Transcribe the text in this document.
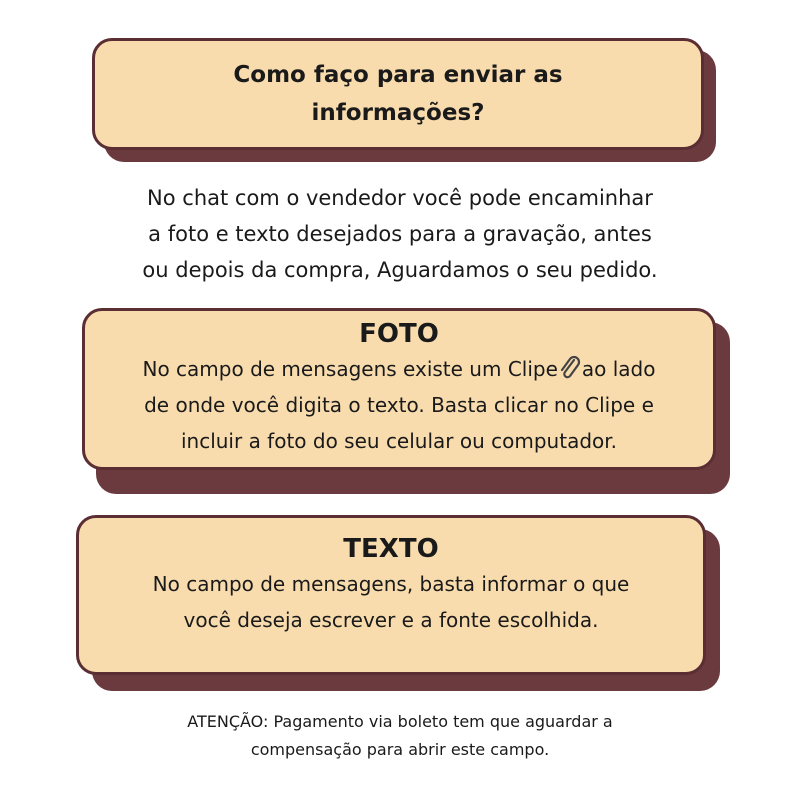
Como faço para enviar as
informações?
No chat com o vendedor você pode encaminhar
a foto e texto desejados para a gravação, antes
ou depois da compra, Aguardamos o seu pedido.
FOTO
No campo de mensagens existe um Clipe ao lado
de onde você digita o texto. Basta clicar no Clipe e
incluir a foto do seu celular ou computador.
TEXTO
No campo de mensagens, basta informar o que
você deseja escrever e a fonte escolhida.
ATENÇÃO: Pagamento via boleto tem que aguardar a
compensação para abrir este campo.
